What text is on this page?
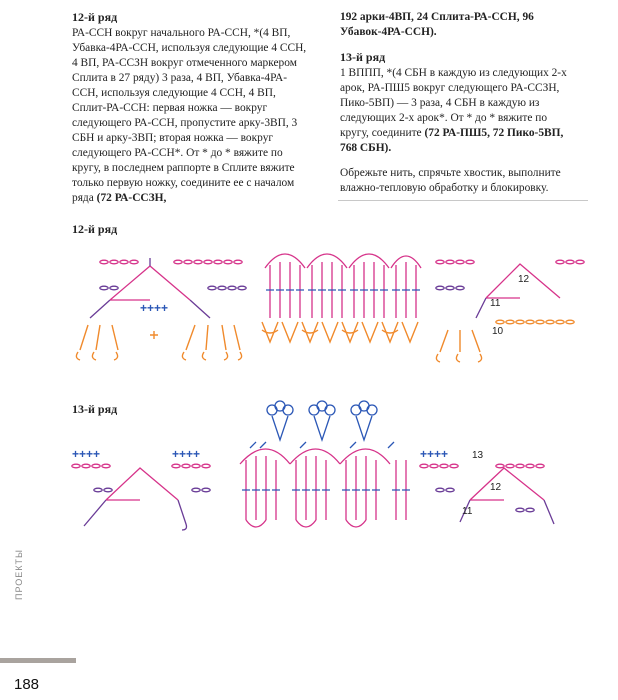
12-й ряд
РА-ССН вокруг начального РА-ССН, *(4 ВП, Убавка-4РА-ССН, используя следующие 4 ССН, 4 ВП, РА-ССЗН вокруг отмеченного маркером Сплита в 27 ряду) 3 раза, 4 ВП, Убавка-4РА-ССН, используя следующие 4 ССН, 4 ВП, Сплит-РА-ССН: первая ножка — вокруг следующего РА-ССН, пропустите арку-3ВП, 3 СБН и арку-3ВП; вторая ножка — вокруг следующего РА-ССН*. От * до * вяжите по кругу, в последнем раппорте в Сплите вяжите только первую ножку, соедините ее с началом ряда (72 РА-ССЗН,

192 арки-4ВП, 24 Сплита-РА-ССН, 96 Убавок-4РА-ССН).

13-й ряд

1 ВППП, *(4 СБН в каждую из следующих 2-х арок, РА-ПШ5 вокруг следующего РА-ССЗН, Пико-5ВП) — 3 раза, 4 СБН в каждую из следующих 2-х арок*. От * до * вяжите по кругу, соедините (72 РА-ПШ5, 72 Пико-5ВП, 768 СБН).

Обрежьте нить, спрячьте хвостик, выполните влажно-тепловую обработку и блокировку.

12-й ряд
13-й ряд
++++
12
11
10
++++	++++	++++ 13
12
11
ПРОЕКТЫ
188
